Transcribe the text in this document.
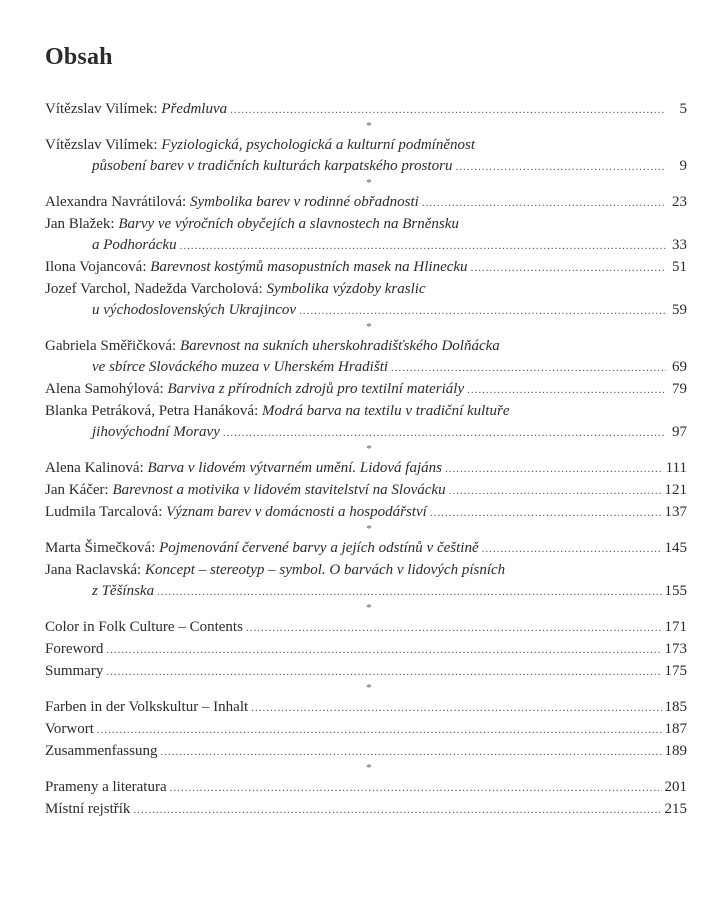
Obsah
Vítězslav Vilímek: Předmluva .....	5
*
Vítězslav Vilímek: Fyziologická, psychologická a kulturní podmíněnost
působení barev v tradičních kulturách karpatského prostoru .....	9
*
Alexandra Navrátilová: Symbolika barev v rodinné obřadnosti .....	23
Jan Blažek: Barvy ve výročních obyčejích a slavnostech na Brněnsku
a Podhorácku .....	33
Ilona Vojancová: Barevnost kostýmů masopustních masek na Hlinecku .....	51
Jozef Varchol, Nadežda Varcholová: Symbolika výzdoby kraslic
u východoslovenských Ukrajincov .....	59
*
Gabriela Směřičková: Barevnost na sukních uherskohradišťského Dolňácka
ve sbírce Slováckého muzea v Uherském Hradišti .....	69
Alena Samohýlová: Barviva z přírodních zdrojů pro textilní materiály .....	79
Blanka Petráková, Petra Hanáková: Modrá barva na textilu v tradiční kultuře
jihovýchodní Moravy .....	97
*
Alena Kalinová: Barva v lidovém výtvarném umění. Lidová fajáns .....	111
Jan Káčer: Barevnost a motivika v lidovém stavitelství na Slovácku .....	121
Ludmila Tarcalová: Význam barev v domácnosti a hospodářství .....	137
*
Marta Šimečková: Pojmenování červené barvy a jejích odstínů v češtině .....	145
Jana Raclavská: Koncept – stereotyp – symbol. O barvách v lidových písních
z Těšínska .....	155
*
Color in Folk Culture – Contents .....	171
Foreword .....	173
Summary .....	175
*
Farben in der Volkskultur – Inhalt .....	185
Vorwort .....	187
Zusammenfassung .....	189
*
Prameny a literatura .....	201
Místní rejstřík .....	215
